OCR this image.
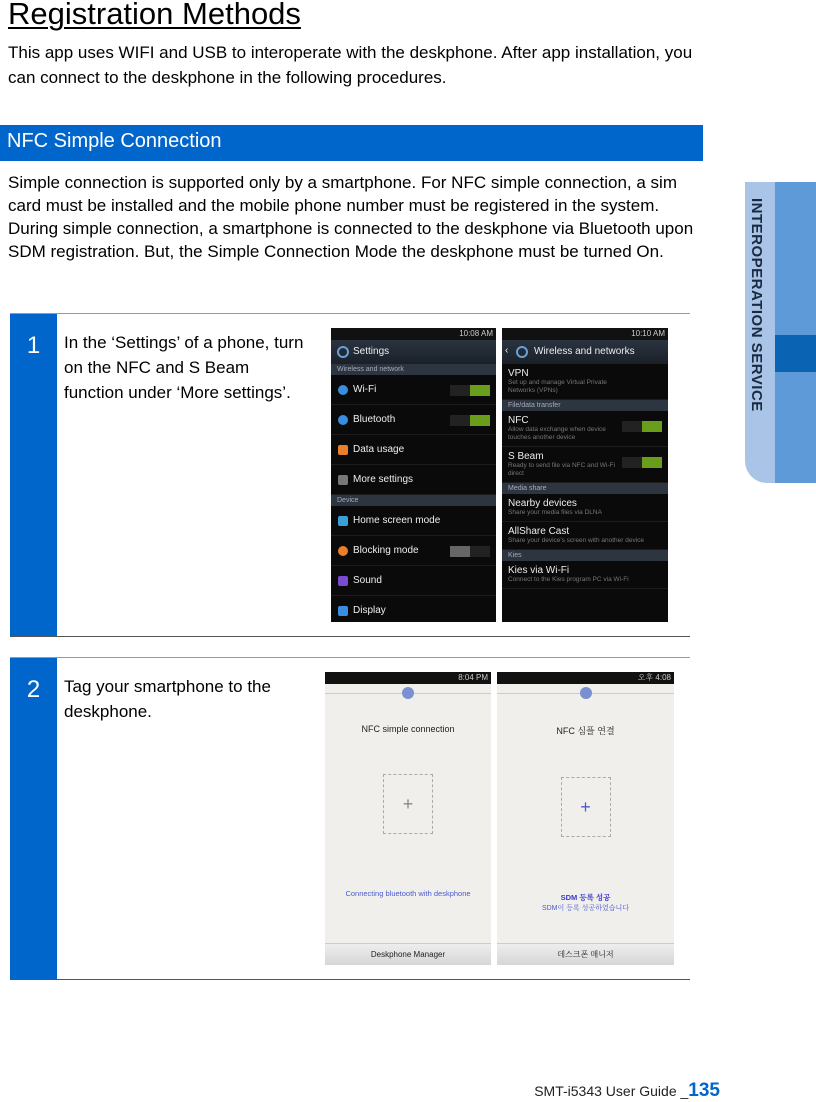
Registration Methods
This app uses WIFI and USB to interoperate with the deskphone. After app installation, you can connect to the deskphone in the following procedures.
NFC Simple Connection
Simple connection is supported only by a smartphone. For NFC simple connection, a sim card must be installed and the mobile phone number must be registered in the system. During simple connection, a smartphone is connected to the deskphone via Bluetooth upon SDM registration. But, the Simple Connection Mode the deskphone must be turned On.	INTEROPERATION SERVICE
1	In the ‘Settings’ of a phone, turn on the NFC and S Beam function under ‘More settings’.
2	Tag your smartphone to the deskphone.
10:08 AM
Settings
Wireless and network
Wi-Fi
Bluetooth
Data usage
More settings
Device
Home screen mode
Blocking mode
Sound
Display
10:10 AM
‹	Wireless and networks
VPN
Set up and manage Virtual Private Networks (VPNs)
File/data transfer
NFC
Allow data exchange when device touches another device
S Beam
Ready to send file via NFC and Wi-Fi direct
Media share
Nearby devices
Share your media files via DLNA
AllShare Cast
Share your device's screen with another device
Kies
Kies via Wi-Fi
Connect to the Kies program PC via Wi-Fi
8:04 PM
NFC simple connection
+
Connecting bluetooth with deskphone
Deskphone Manager
오후 4:08
NFC 심플 연결
+
SDM 등록 성공
SDM이 등록 성공하였습니다
데스크폰 매니저
SMT-i5343 User Guide _135
